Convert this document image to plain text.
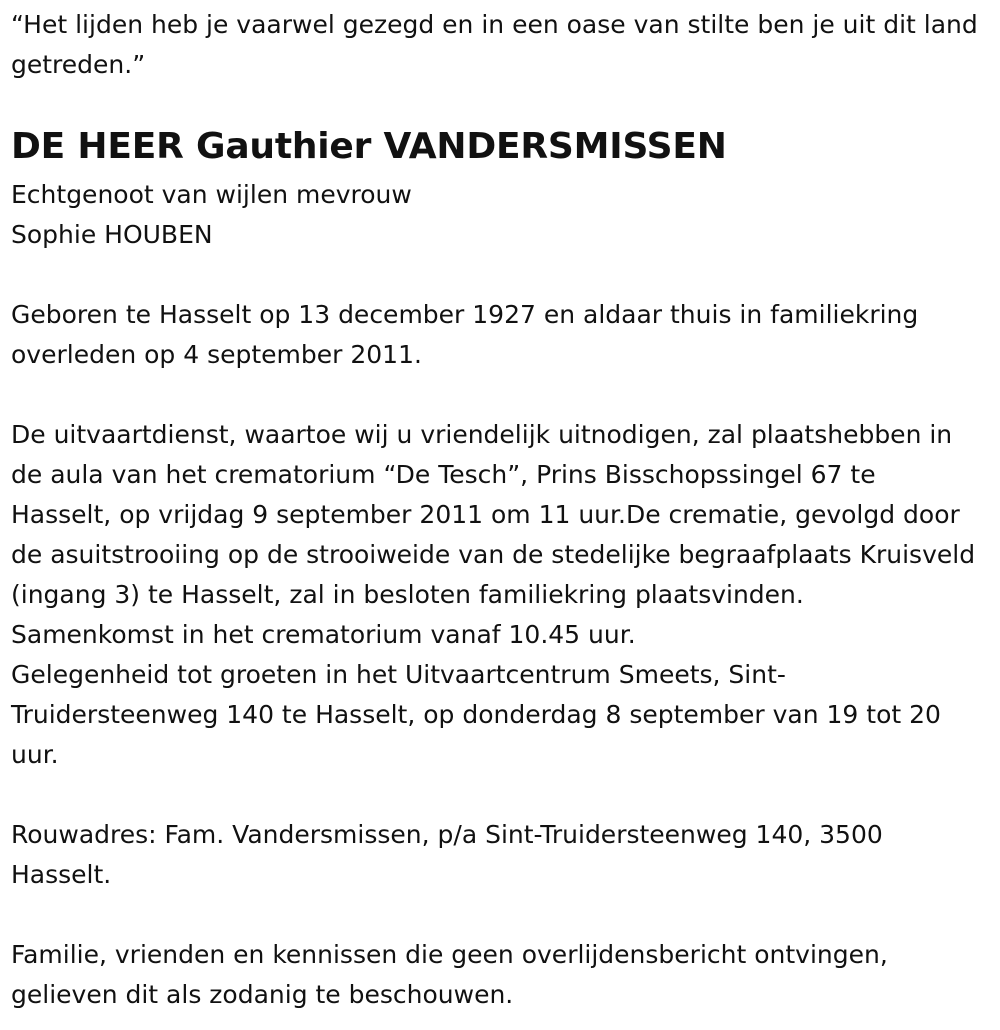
“Het lijden heb je vaarwel gezegd en in een oase van stilte ben je uit dit land getreden.”

DE HEER Gauthier VANDERSMISSEN

Echtgenoot van wijlen mevrouw

Sophie HOUBEN

Geboren te Hasselt op 13 december 1927 en aldaar thuis in familiekring overleden op 4 september 2011.

De uitvaartdienst, waartoe wij u vriendelijk uitnodigen, zal plaatshebben in de aula van het crematorium “De Tesch”, Prins Bisschopssingel 67 te Hasselt, op vrijdag 9 september 2011 om 11 uur.De crematie, gevolgd door de asuitstrooiing op de strooiweide van de stedelijke begraafplaats Kruisveld (ingang 3) te Hasselt, zal in besloten familiekring plaatsvinden.

Samenkomst in het crematorium vanaf 10.45 uur.

Gelegenheid tot groeten in het Uitvaartcentrum Smeets, Sint-Truidersteenweg 140 te Hasselt, op donderdag 8 september van 19 tot 20 uur.

Rouwadres: Fam. Vandersmissen, p/a Sint-Truidersteenweg 140, 3500 Hasselt.

Familie, vrienden en kennissen die geen overlijdensbericht ontvingen, gelieven dit als zodanig te beschouwen.
